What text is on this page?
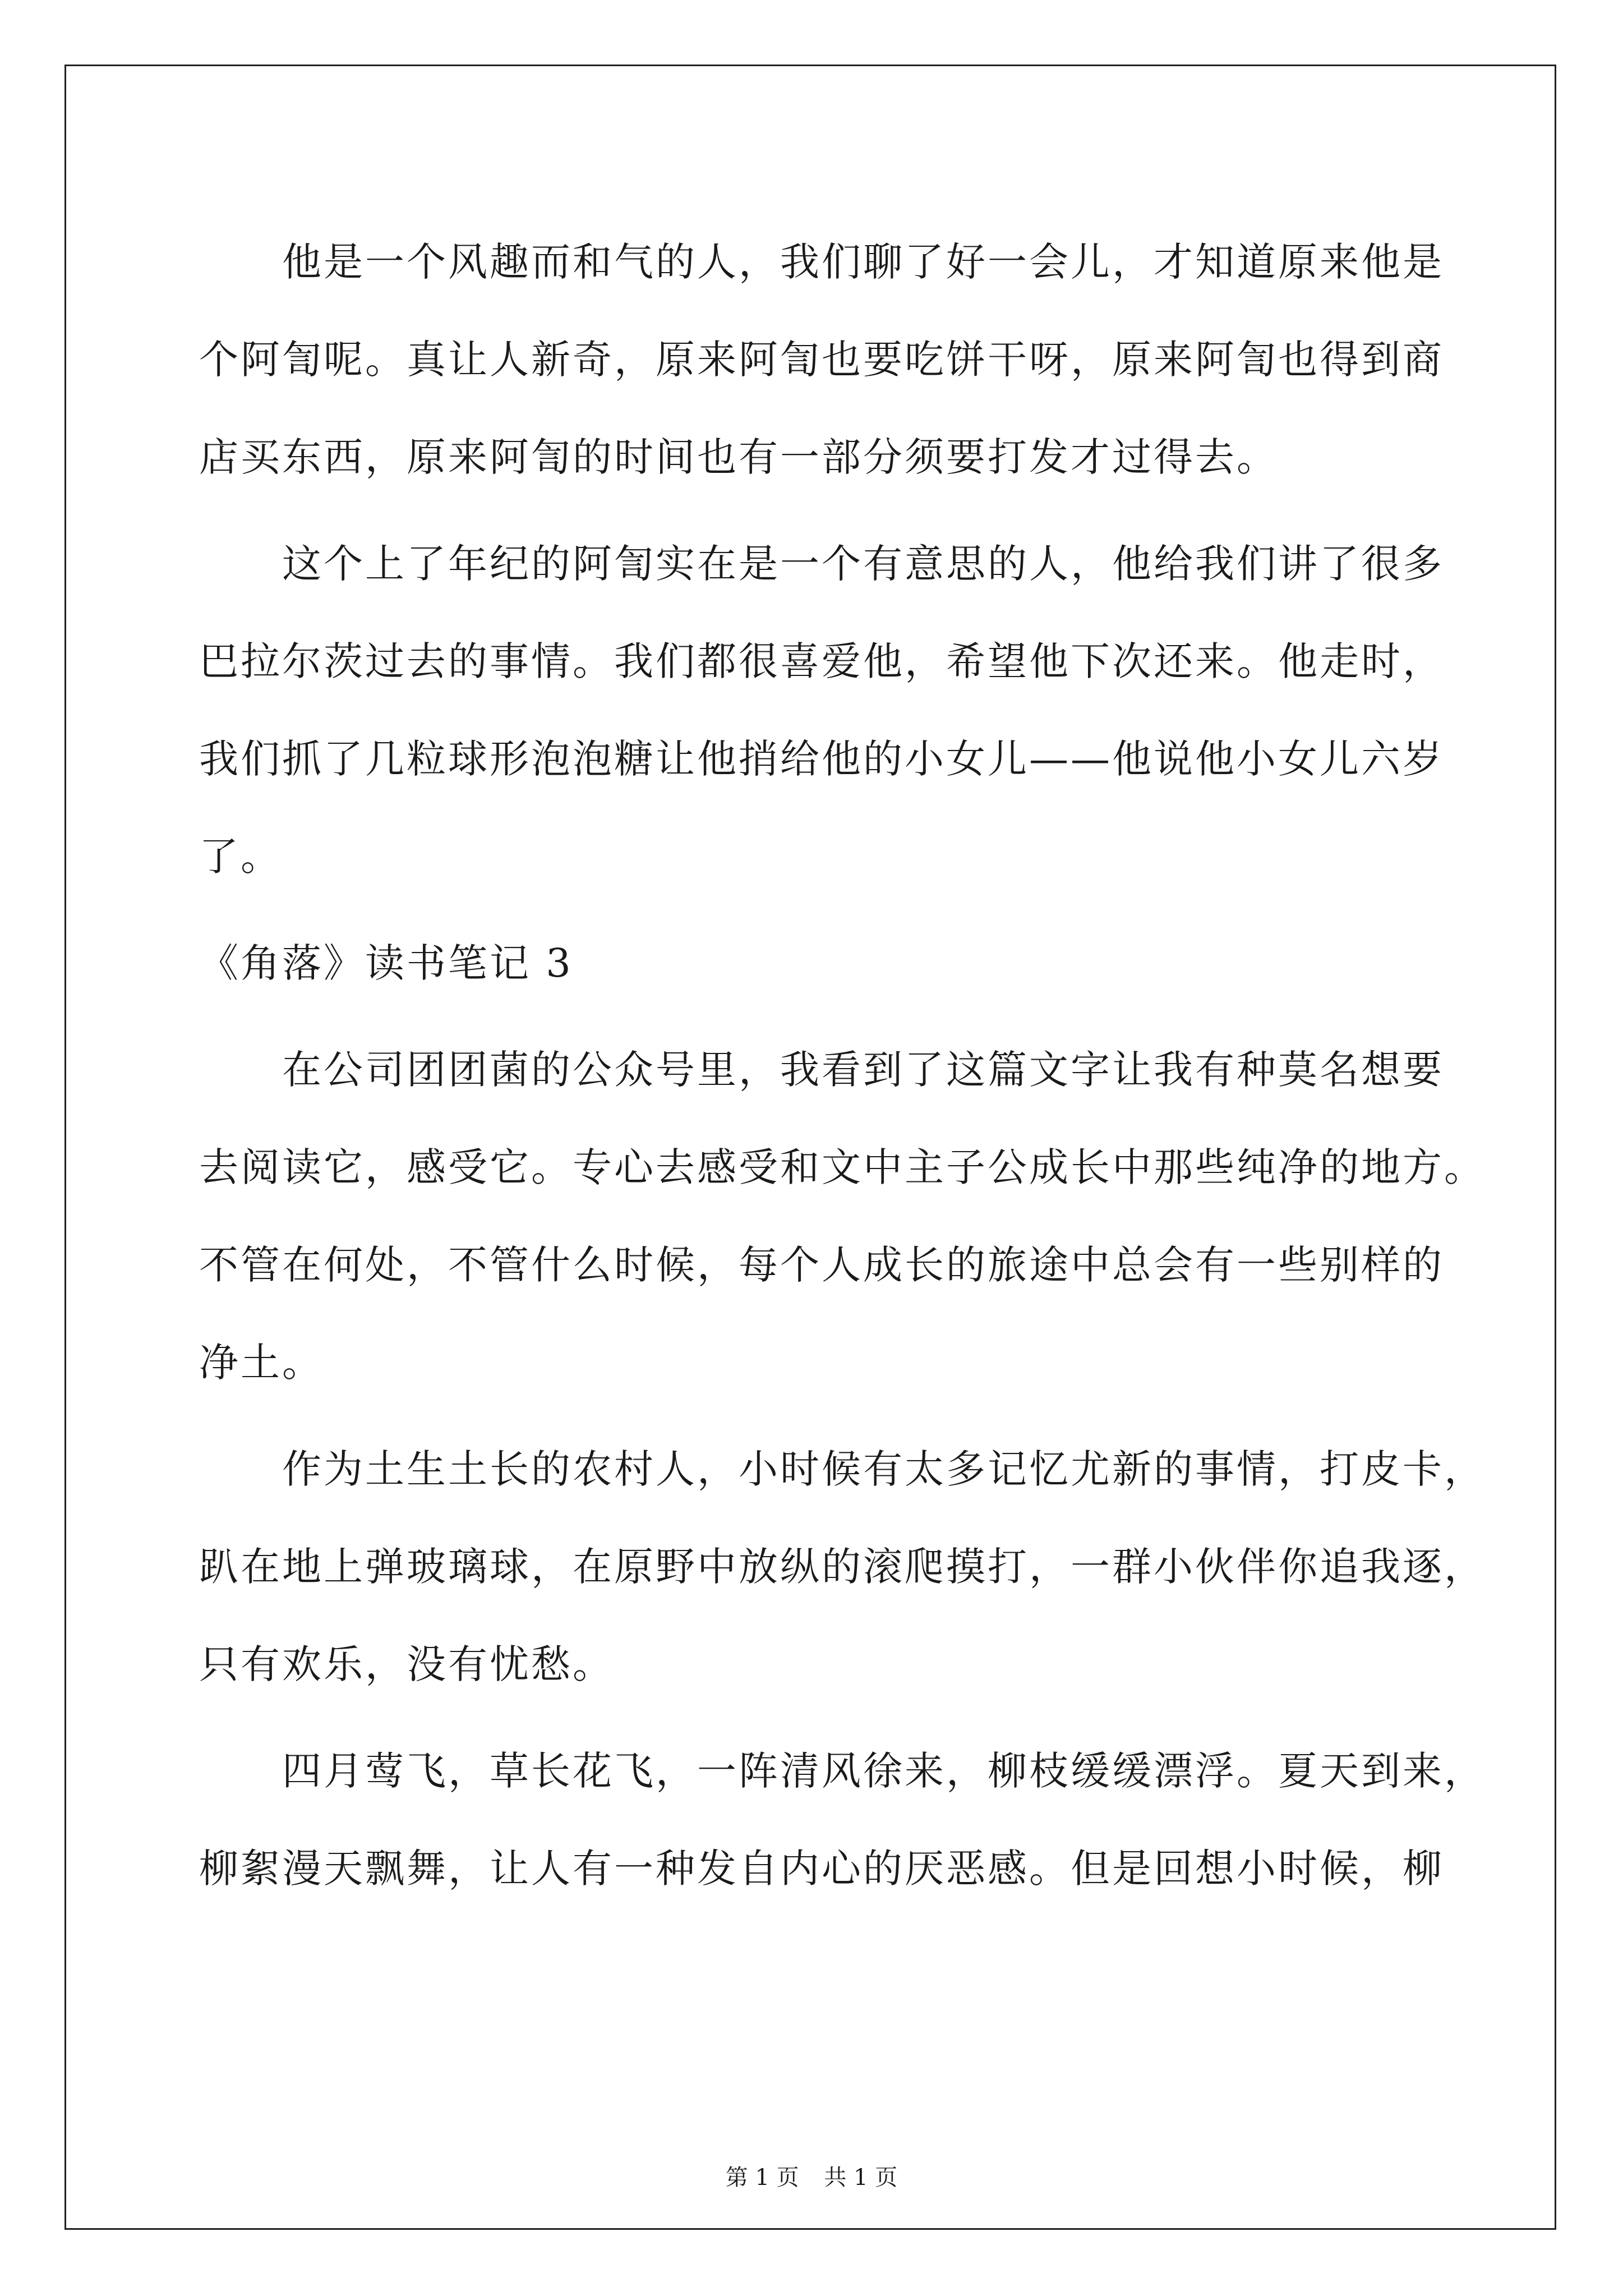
　　他是一个风趣而和气的人，我们聊了好一会儿，才知道原来他是
个阿訇呢。真让人新奇，原来阿訇也要吃饼干呀，原来阿訇也得到商
店买东西，原来阿訇的时间也有一部分须要打发才过得去。

　　这个上了年纪的阿訇实在是一个有意思的人，他给我们讲了很多
巴拉尔茨过去的事情。我们都很喜爱他，希望他下次还来。他走时，
我们抓了几粒球形泡泡糖让他捎给他的小女儿——他说他小女儿六岁
了。

《角落》读书笔记 3

　　在公司团团菌的公众号里，我看到了这篇文字让我有种莫名想要
去阅读它，感受它。专心去感受和文中主子公成长中那些纯净的地方。
不管在何处，不管什么时候，每个人成长的旅途中总会有一些别样的
净土。

　　作为土生土长的农村人，小时候有太多记忆尤新的事情，打皮卡，
趴在地上弹玻璃球，在原野中放纵的滚爬摸打，一群小伙伴你追我逐，
只有欢乐，没有忧愁。

　　四月莺飞，草长花飞，一阵清风徐来，柳枝缓缓漂浮。夏天到来，
柳絮漫天飘舞，让人有一种发自内心的厌恶感。但是回想小时候，柳

第 1 页 共 1 页
